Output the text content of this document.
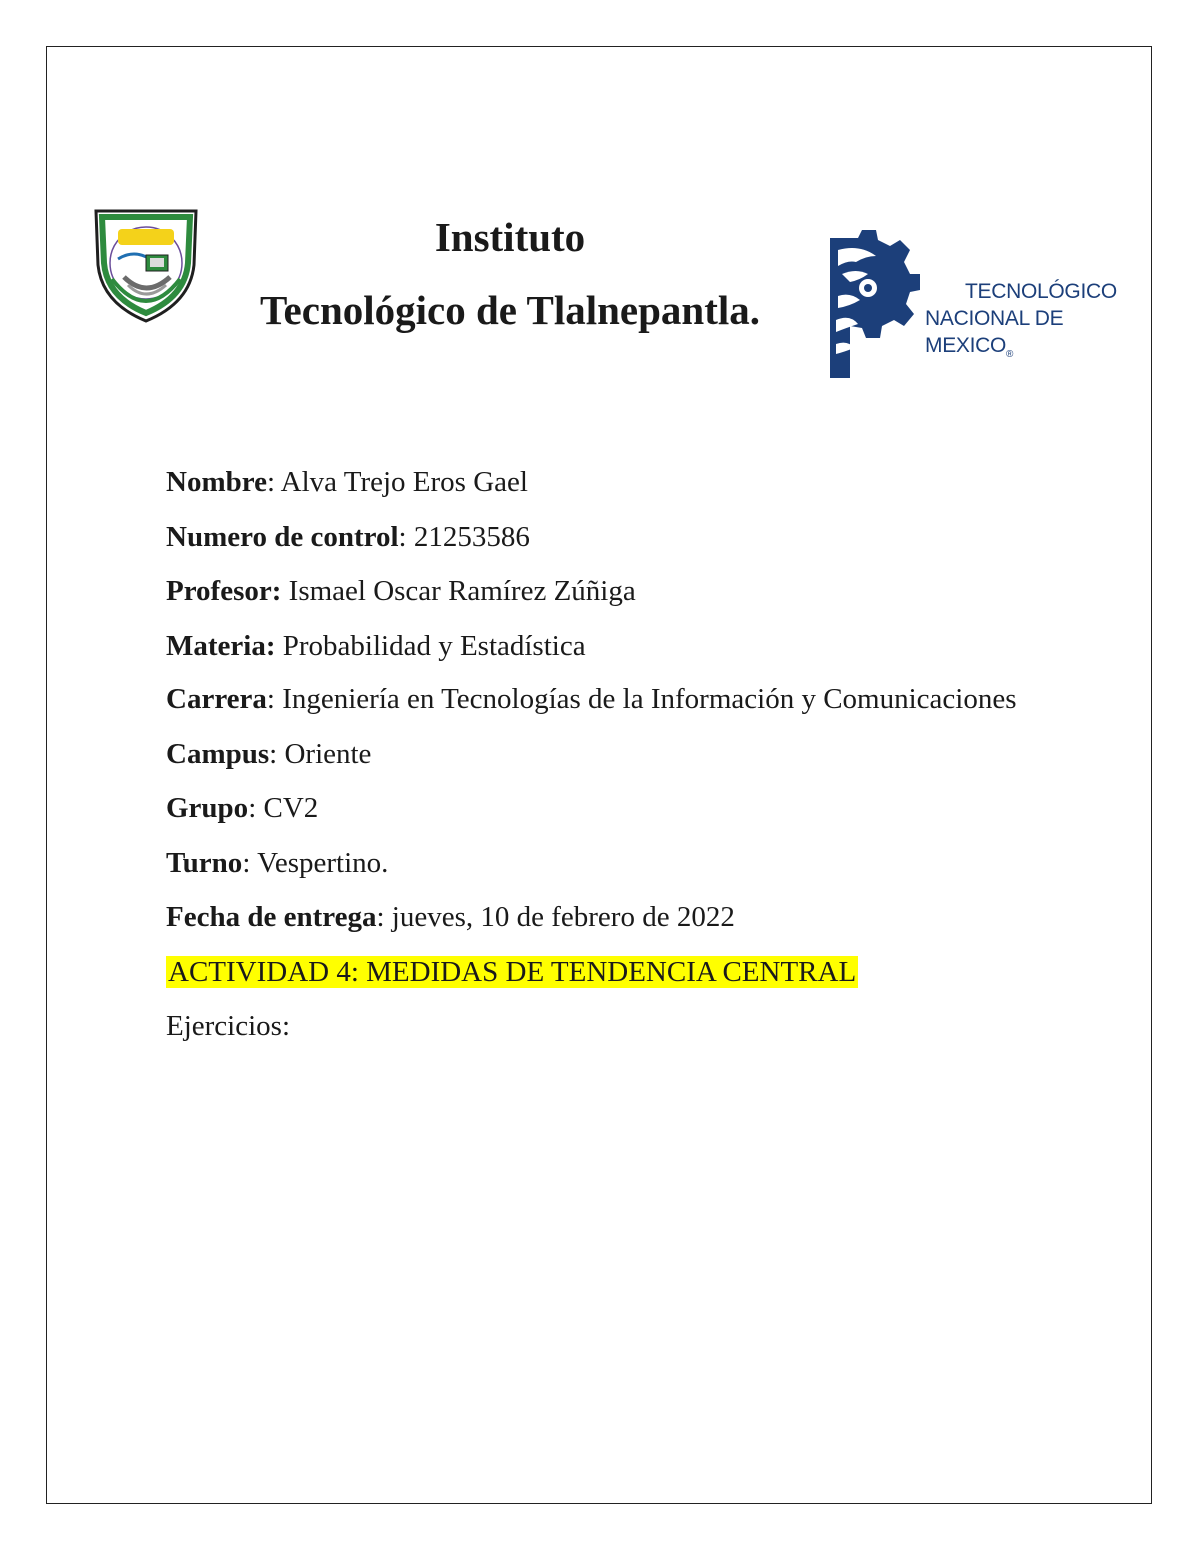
Instituto
Tecnológico de Tlalnepantla.	TECNOLÓGICO
NACIONAL DE $MEXICO_®$
Nombre: Alva Trejo Eros Gael
Numero de control: 21253586
Profesor: Ismael Oscar Ramírez Zúñiga
Materia: Probabilidad y Estadística
Carrera: Ingeniería en Tecnologías de la Información y Comunicaciones
Campus: Oriente
Grupo: CV2
Turno: Vespertino.
Fecha de entrega: jueves, 10 de febrero de 2022
ACTIVIDAD 4: MEDIDAS DE TENDENCIA CENTRAL
Ejercicios:
